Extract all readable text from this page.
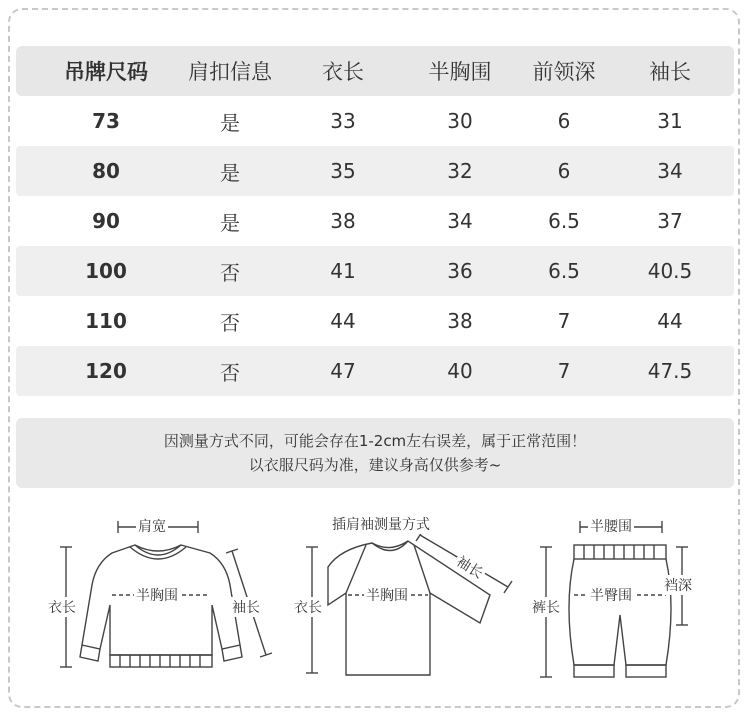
吊牌尺码	肩扣信息	衣长	半胸围	前领深	袖长
73	是	33	30	6	31
80	是	35	32	6	34
90	是	38	34	6.5	37
100	否	41	36	6.5	40.5
110	否	44	38	7	44
120	否	47	40	7	47.5
因测量方式不同，可能会存在1-2cm左右误差，属于正常范围！
以衣服尺码为准，建议身高仅供参考~
肩宽
半胸围
衣长	袖长
插肩袖测量方式
半胸围
衣长
袖长
半腰围
半臀围
裤长
裆深
